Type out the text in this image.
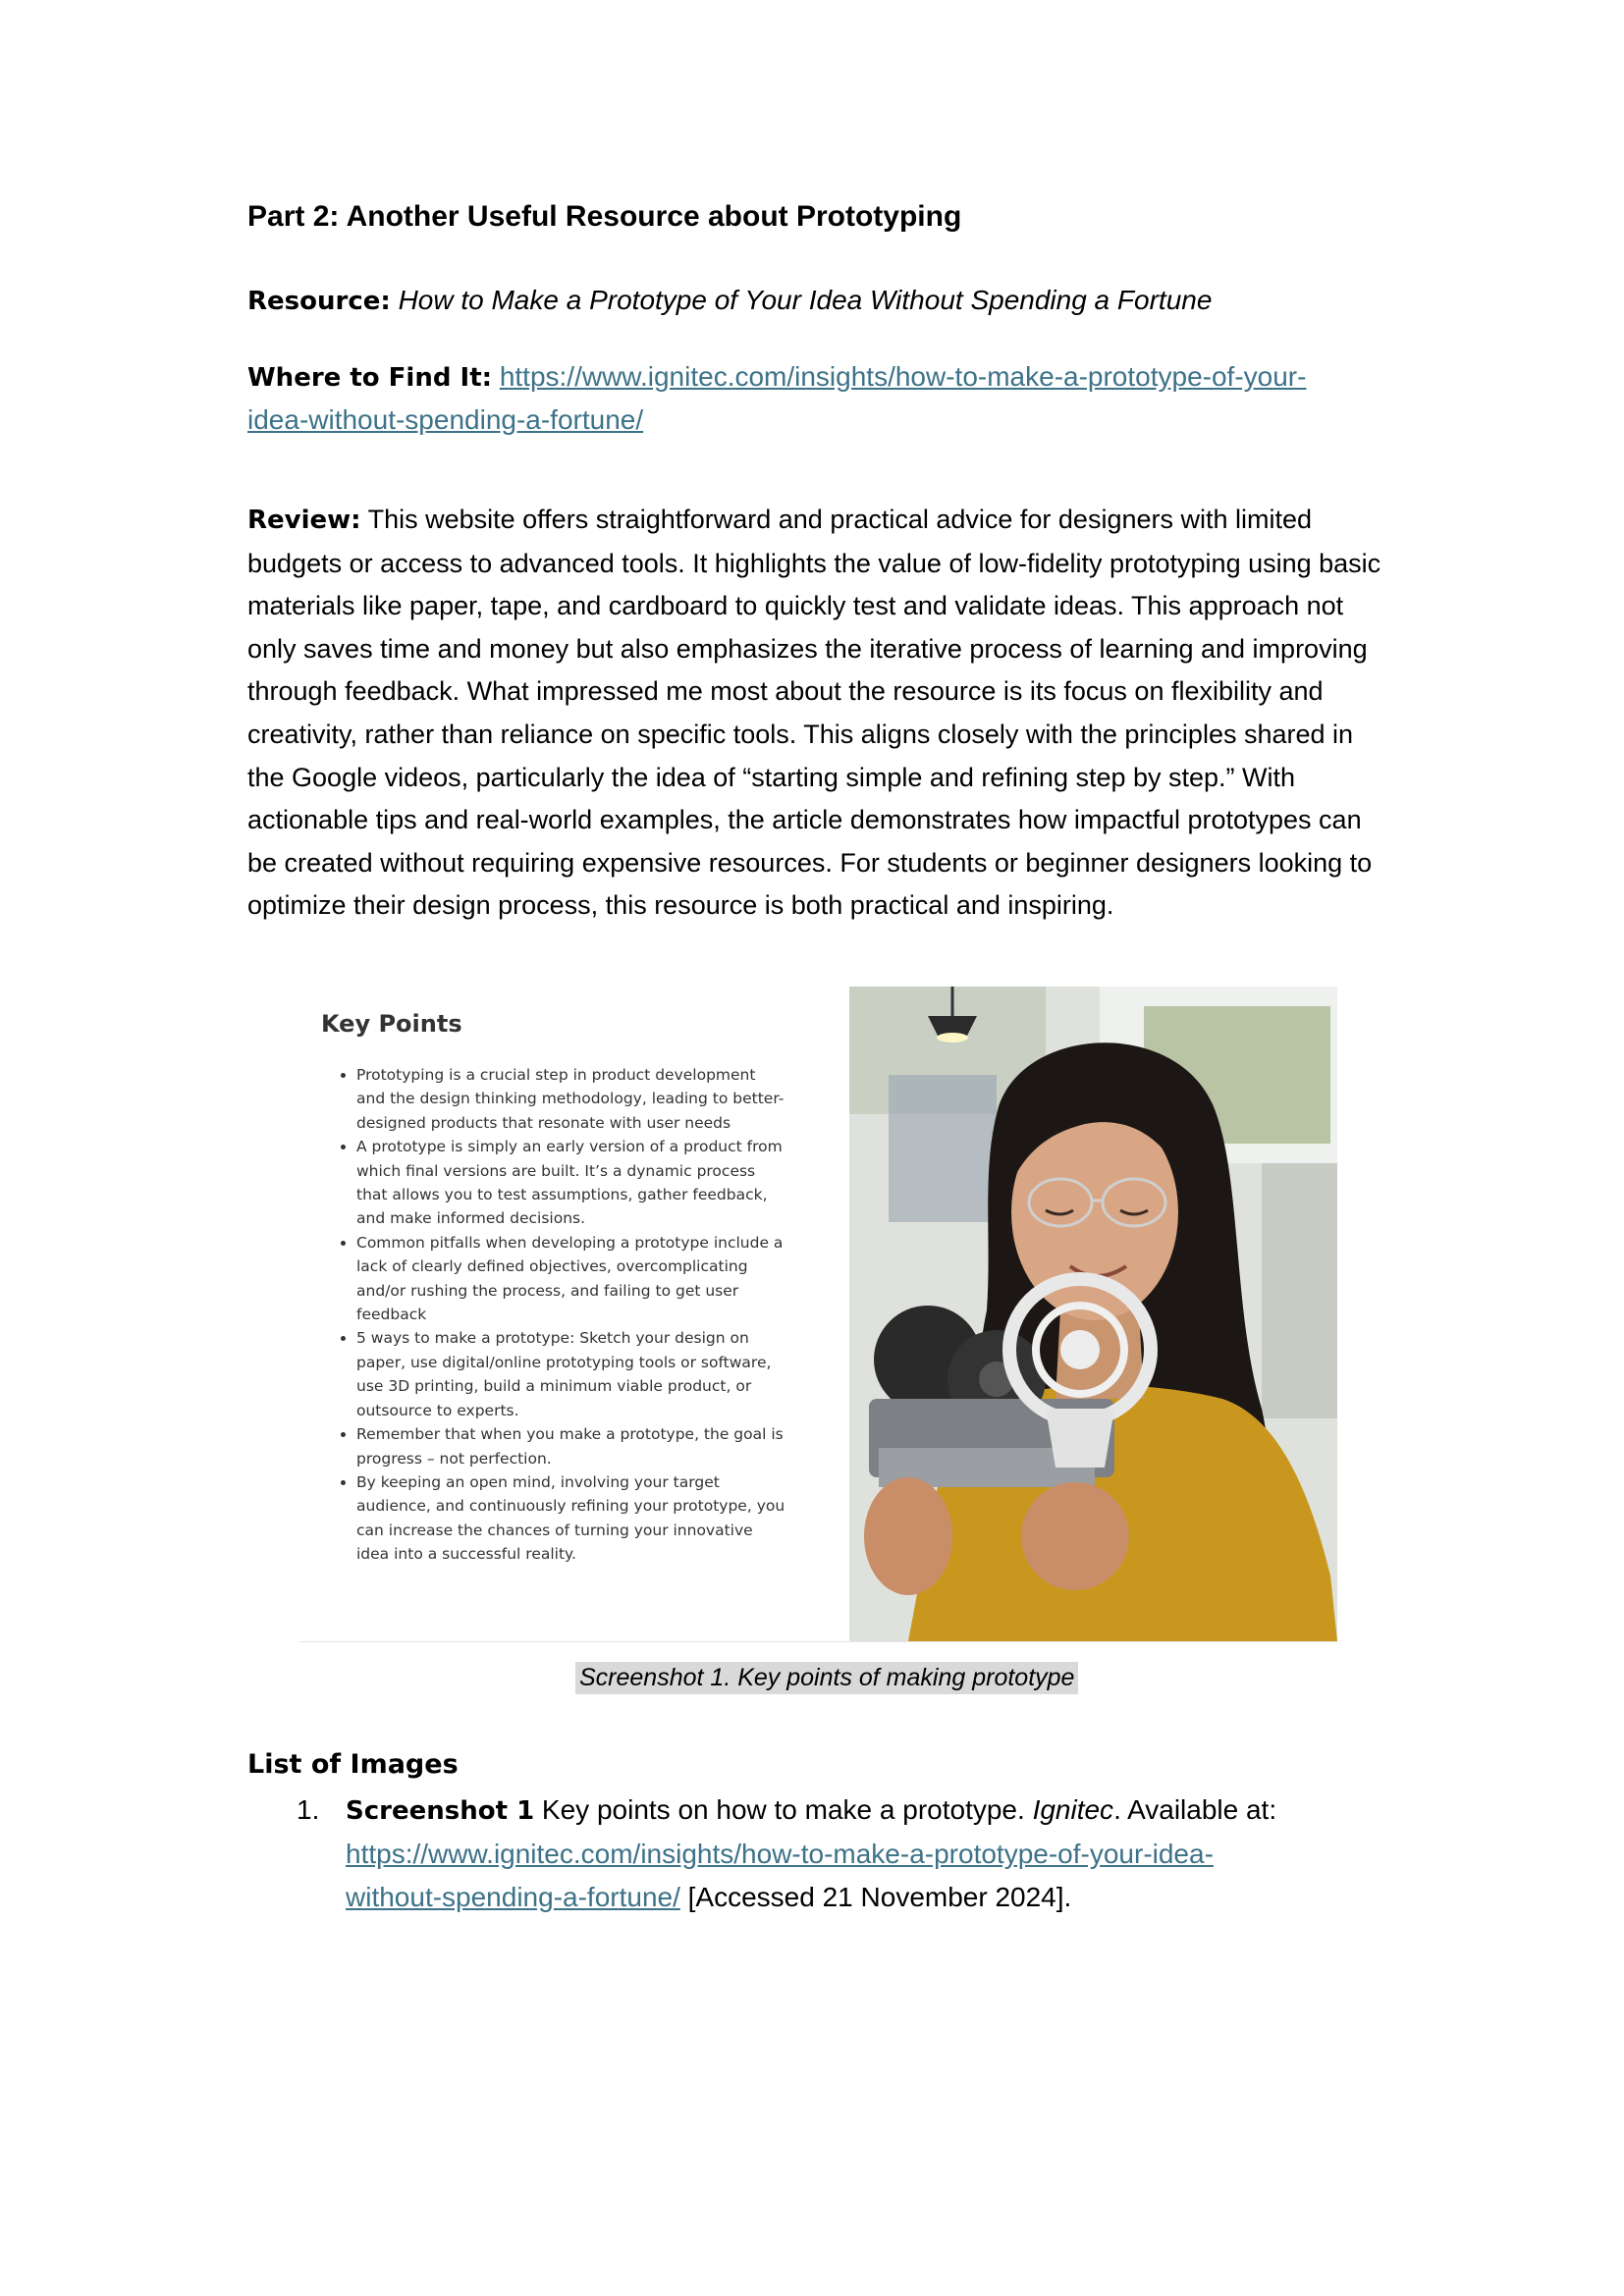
Part 2: Another Useful Resource about Prototyping

Resource: How to Make a Prototype of Your Idea Without Spending a Fortune

Where to Find It: https://www.ignitec.com/insights/how-to-make-a-prototype-of-your-

idea-without-spending-a-fortune/

Review: This website offers straightforward and practical advice for designers with limited budgets or access to advanced tools. It highlights the value of low-fidelity prototyping using basic materials like paper, tape, and cardboard to quickly test and validate ideas. This approach not only saves time and money but also emphasizes the iterative process of learning and improving through feedback. What impressed me most about the resource is its focus on flexibility and creativity, rather than reliance on specific tools. This aligns closely with the principles shared in the Google videos, particularly the idea of “starting simple and refining step by step.” With actionable tips and real-world examples, the article demonstrates how impactful prototypes can be created without requiring expensive resources. For students or beginner designers looking to optimize their design process, this resource is both practical and inspiring.

Key Points
• Prototyping is a crucial step in product development and the design thinking methodology, leading to better-designed products that resonate with user needs
• A prototype is simply an early version of a product from which final versions are built. It’s a dynamic process that allows you to test assumptions, gather feedback, and make informed decisions.
• Common pitfalls when developing a prototype include a lack of clearly defined objectives, overcomplicating and/or rushing the process, and failing to get user feedback
• 5 ways to make a prototype: Sketch your design on paper, use digital/online prototyping tools or software, use 3D printing, build a minimum viable product, or outsource to experts.
• Remember that when you make a prototype, the goal is progress – not perfection.
• By keeping an open mind, involving your target audience, and continuously refining your prototype, you can increase the chances of turning your innovative idea into a successful reality.

Screenshot 1. Key points of making prototype

List of Images

1. Screenshot 1 Key points on how to make a prototype. Ignitec. Available at:
https://www.ignitec.com/insights/how-to-make-a-prototype-of-your-idea-
without-spending-a-fortune/ [Accessed 21 November 2024].
